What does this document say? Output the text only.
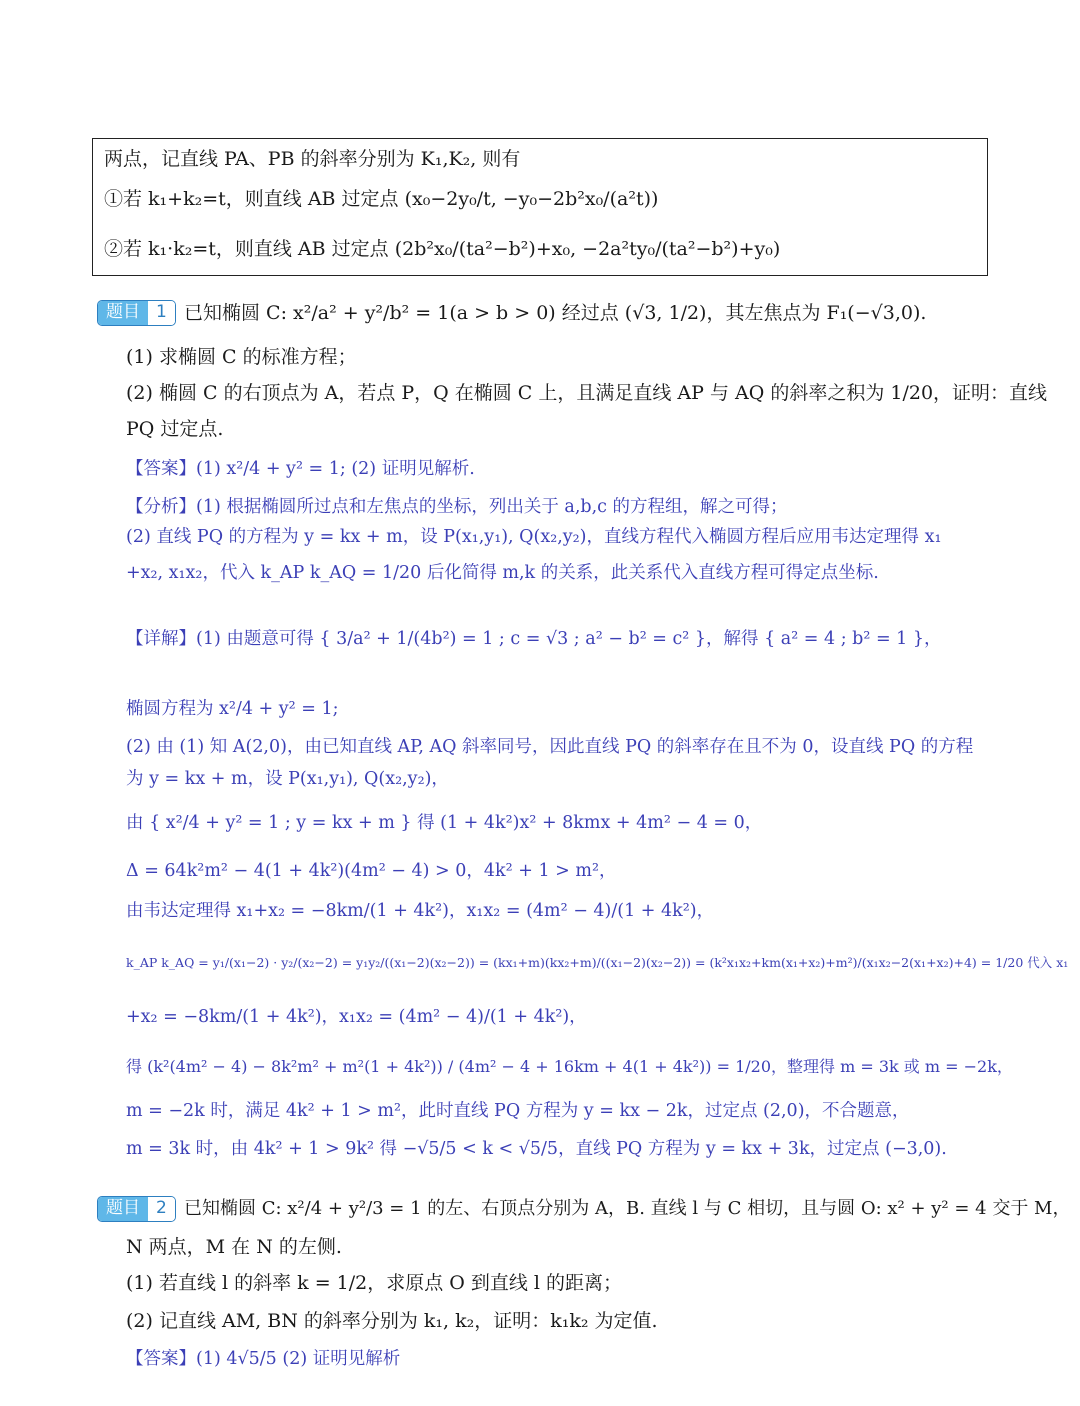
两点，记直线 PA、PB 的斜率分别为 K₁,K₂, 则有
①若 k₁+k₂=t，则直线 AB 过定点 (x₀−2y₀/t, −y₀−2b²x₀/(a²t))
②若 k₁·k₂=t，则直线 AB 过定点 (2b²x₀/(ta²−b²)+x₀, −2a²ty₀/(ta²−b²)+y₀)
题目 1 已知椭圆 C: x²/a² + y²/b² = 1(a > b > 0) 经过点 (√3, 1/2)，其左焦点为 F₁(−√3,0).
(1) 求椭圆 C 的标准方程；
(2) 椭圆 C 的右顶点为 A，若点 P，Q 在椭圆 C 上，且满足直线 AP 与 AQ 的斜率之积为 1/20，证明：直线
PQ 过定点.
【答案】(1) x²/4 + y² = 1; (2) 证明见解析.
【分析】(1) 根据椭圆所过点和左焦点的坐标，列出关于 a,b,c 的方程组，解之可得；
(2) 直线 PQ 的方程为 y = kx + m，设 P(x₁,y₁), Q(x₂,y₂)，直线方程代入椭圆方程后应用韦达定理得 x₁
+x₂, x₁x₂，代入 k_AP k_AQ = 1/20 后化简得 m,k 的关系，此关系代入直线方程可得定点坐标.
【详解】(1) 由题意可得 { 3/a² + 1/(4b²) = 1 ; c = √3 ; a² − b² = c² }，解得 { a² = 4 ; b² = 1 }，
椭圆方程为 x²/4 + y² = 1;
(2) 由 (1) 知 A(2,0)，由已知直线 AP, AQ 斜率同号，因此直线 PQ 的斜率存在且不为 0，设直线 PQ 的方程
为 y = kx + m，设 P(x₁,y₁), Q(x₂,y₂)，
由 { x²/4 + y² = 1 ; y = kx + m } 得 (1 + 4k²)x² + 8kmx + 4m² − 4 = 0，
Δ = 64k²m² − 4(1 + 4k²)(4m² − 4) > 0，4k² + 1 > m²，
由韦达定理得 x₁+x₂ = −8km/(1 + 4k²)，x₁x₂ = (4m² − 4)/(1 + 4k²)，
k_AP k_AQ = y₁/(x₁−2) · y₂/(x₂−2) = y₁y₂/((x₁−2)(x₂−2)) = (kx₁+m)(kx₂+m)/((x₁−2)(x₂−2)) = (k²x₁x₂+km(x₁+x₂)+m²)/(x₁x₂−2(x₁+x₂)+4) = 1/20 代入 x₁
+x₂ = −8km/(1 + 4k²)，x₁x₂ = (4m² − 4)/(1 + 4k²)，
得 (k²(4m² − 4) − 8k²m² + m²(1 + 4k²)) / (4m² − 4 + 16km + 4(1 + 4k²)) = 1/20，整理得 m = 3k 或 m = −2k，
m = −2k 时，满足 4k² + 1 > m²，此时直线 PQ 方程为 y = kx − 2k，过定点 (2,0)，不合题意，
m = 3k 时，由 4k² + 1 > 9k² 得 −√5/5 < k < √5/5，直线 PQ 方程为 y = kx + 3k，过定点 (−3,0).
题目 2 已知椭圆 C: x²/4 + y²/3 = 1 的左、右顶点分别为 A，B. 直线 l 与 C 相切，且与圆 O: x² + y² = 4 交于 M，
N 两点，M 在 N 的左侧.
(1) 若直线 l 的斜率 k = 1/2，求原点 O 到直线 l 的距离；
(2) 记直线 AM, BN 的斜率分别为 k₁, k₂，证明：k₁k₂ 为定值.
【答案】(1) 4√5/5 (2) 证明见解析
